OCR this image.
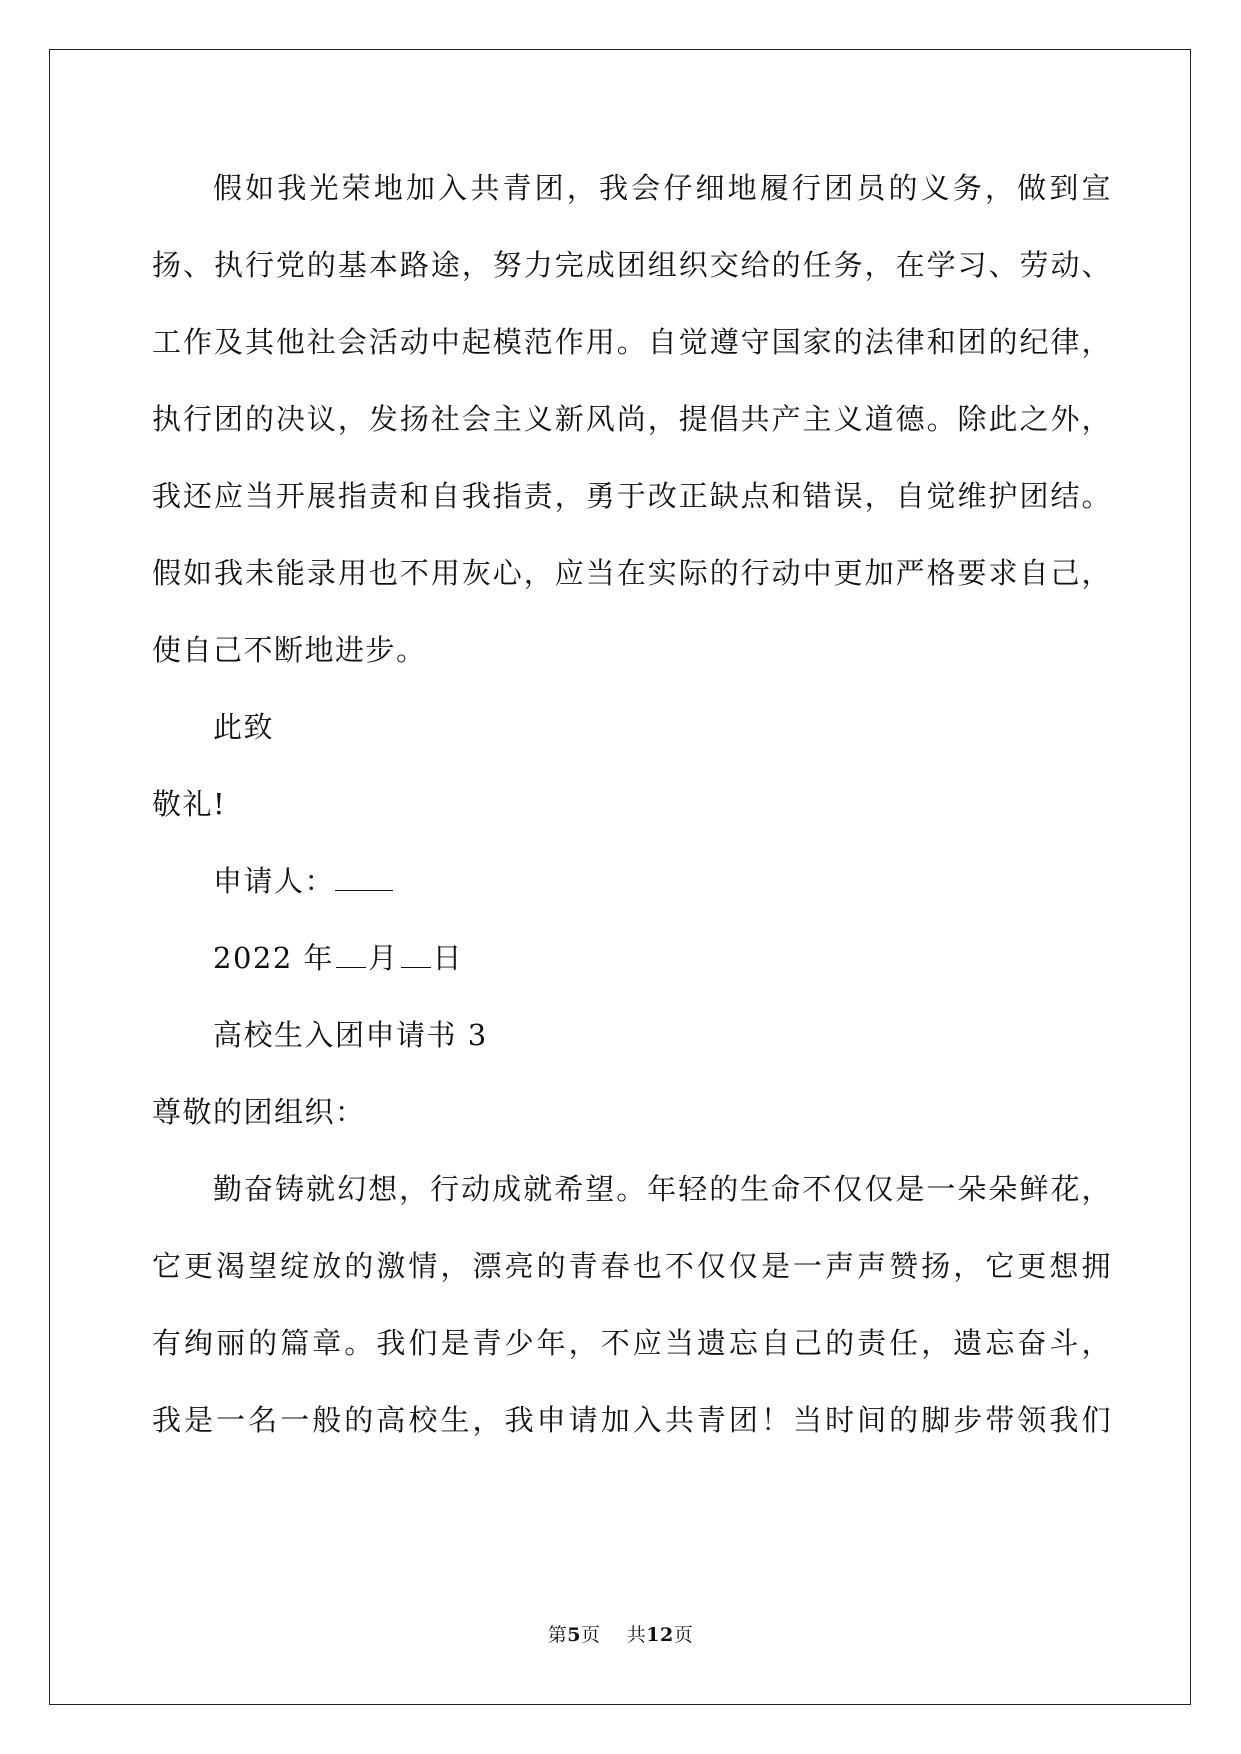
假如我光荣地加入共青团，我会仔细地履行团员的义务，做到宣
扬、执行党的基本路途，努力完成团组织交给的任务，在学习、劳动、
工作及其他社会活动中起模范作用。自觉遵守国家的法律和团的纪律，
执行团的决议，发扬社会主义新风尚，提倡共产主义道德。除此之外，
我还应当开展指责和自我指责，勇于改正缺点和错误，自觉维护团结。
假如我未能录用也不用灰心，应当在实际的行动中更加严格要求自己，
使自己不断地进步。
此致
敬礼!
申请人：
2022 年 月 日
高校生入团申请书 3
尊敬的团组织：
勤奋铸就幻想，行动成就希望。年轻的生命不仅仅是一朵朵鲜花，
它更渴望绽放的激情，漂亮的青春也不仅仅是一声声赞扬，它更想拥
有绚丽的篇章。我们是青少年，不应当遗忘自己的责任，遗忘奋斗，
我是一名一般的高校生，我申请加入共青团！当时间的脚步带领我们
第5页 共12页
